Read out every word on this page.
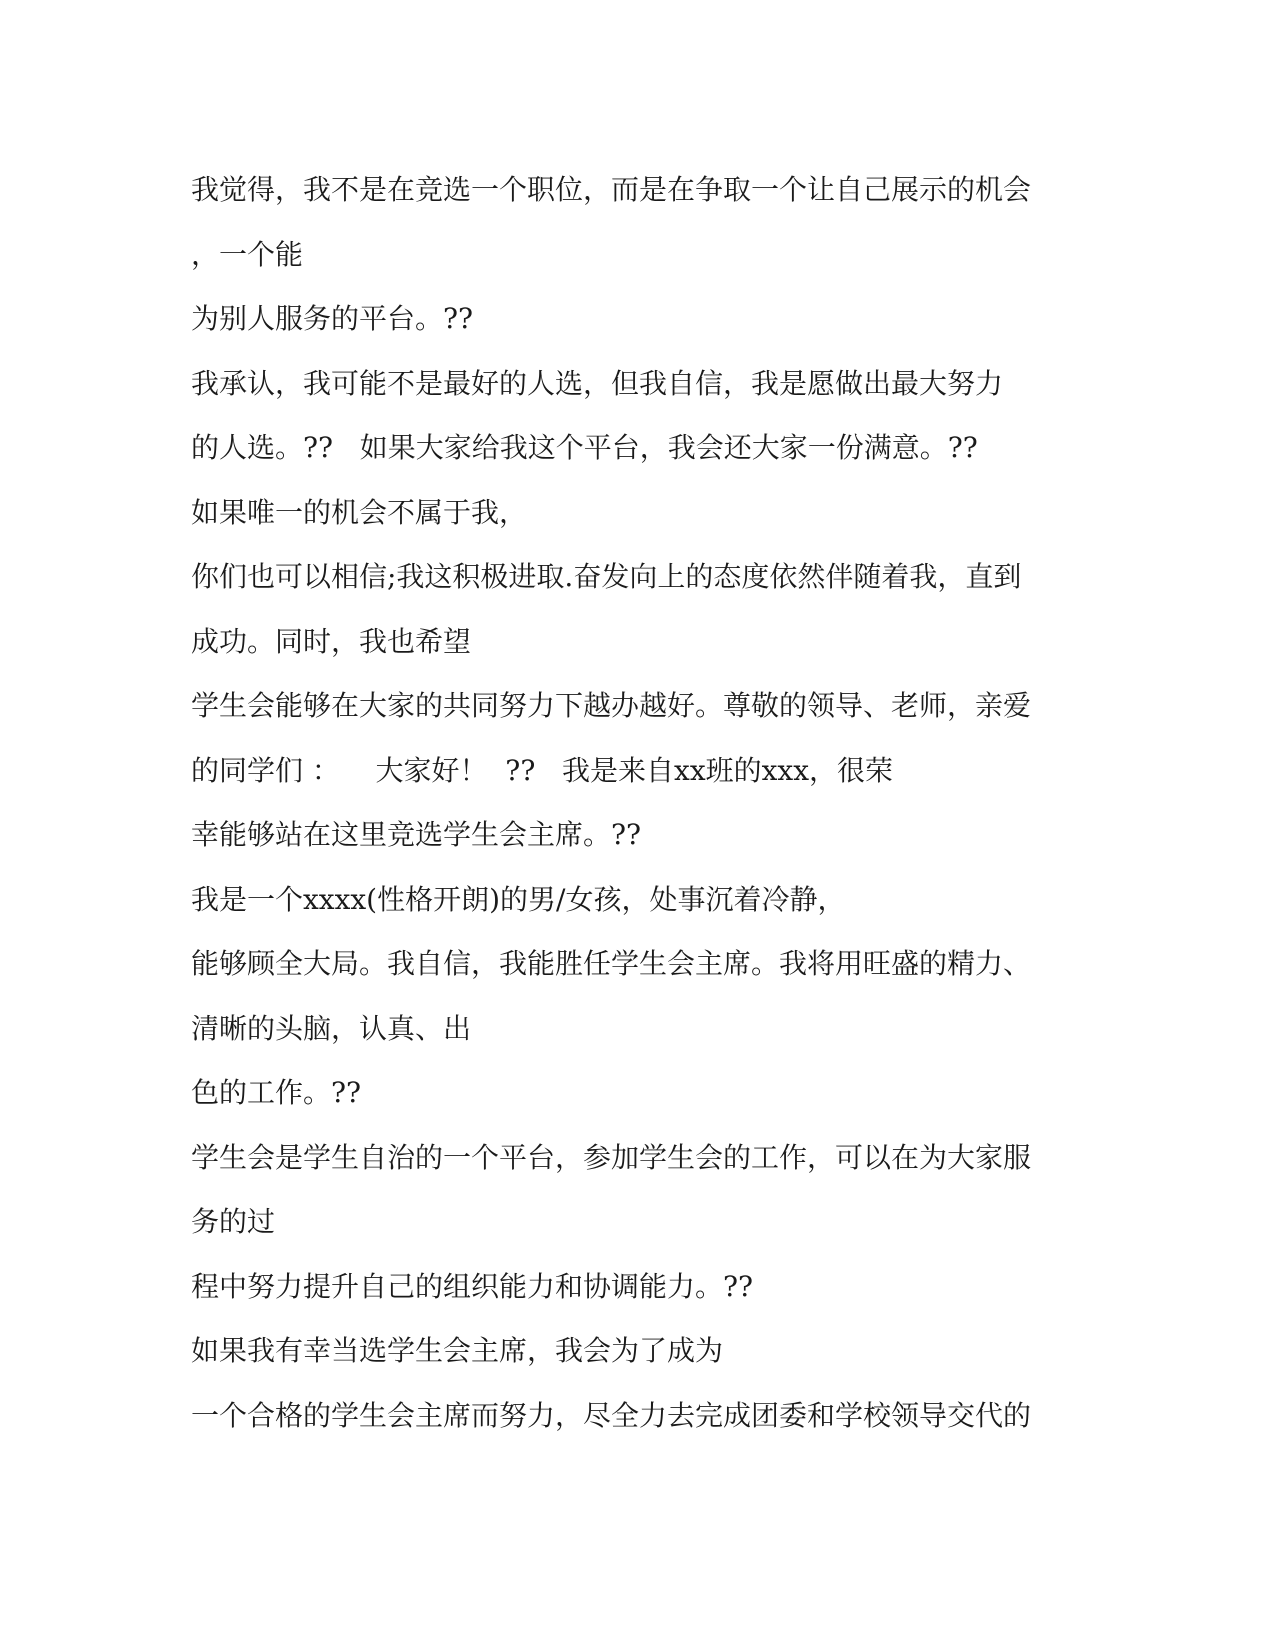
我觉得，我不是在竞选一个职位，而是在争取一个让自己展示的机会
，一个能
为别人服务的平台。??
我承认，我可能不是最好的人选，但我自信，我是愿做出最大努力
的人选。??   如果大家给我这个平台，我会还大家一份满意。??
如果唯一的机会不属于我，
你们也可以相信;我这积极进取.奋发向上的态度依然伴随着我，直到
成功。同时，我也希望
学生会能够在大家的共同努力下越办越好。尊敬的领导、老师，亲爱
的同学们 ：    大家好！  ??   我是来自xx班的xxx，很荣
幸能够站在这里竞选学生会主席。??
我是一个xxxx(性格开朗)的男/女孩，处事沉着冷静，
能够顾全大局。我自信，我能胜任学生会主席。我将用旺盛的精力、
清晰的头脑，认真、出
色的工作。??
学生会是学生自治的一个平台，参加学生会的工作，可以在为大家服
务的过
程中努力提升自己的组织能力和协调能力。??
如果我有幸当选学生会主席，我会为了成为
一个合格的学生会主席而努力，尽全力去完成团委和学校领导交代的
